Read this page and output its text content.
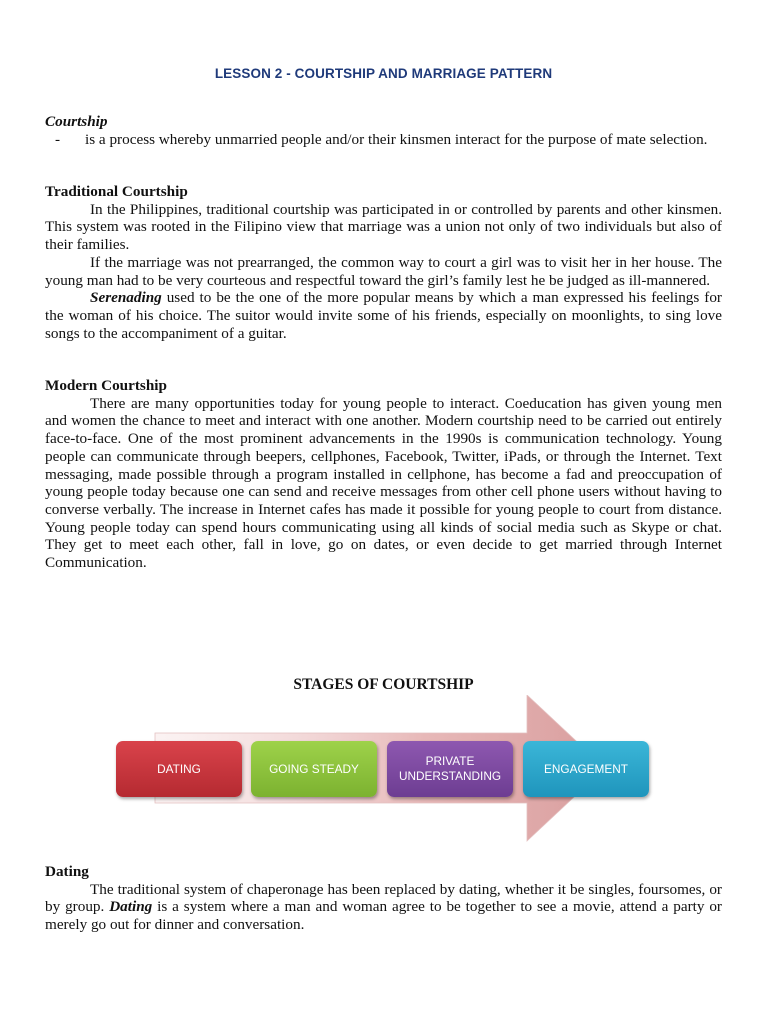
LESSON 2 - COURTSHIP AND MARRIAGE PATTERN

Courtship

-	is a process whereby unmarried people and/or their kinsmen interact for the purpose of mate selection.

Traditional Courtship

In the Philippines, traditional courtship was participated in or controlled by parents and other kinsmen. This system was rooted in the Filipino view that marriage was a union not only of two individuals but also of their families.

If the marriage was not prearranged, the common way to court a girl was to visit her in her house. The young man had to be very courteous and respectful toward the girl’s family lest he be judged as ill-mannered.

Serenading used to be the one of the more popular means by which a man expressed his feelings for the woman of his choice. The suitor would invite some of his friends, especially on moonlights, to sing love songs to the accompaniment of a guitar.

Modern Courtship

There are many opportunities today for young people to interact. Coeducation has given young men and women the chance to meet and interact with one another. Modern courtship need to be carried out entirely face-to-face. One of the most prominent advancements in the 1990s is communication technology. Young people can communicate through beepers, cellphones, Facebook, Twitter, iPads, or through the Internet. Text messaging, made possible through a program installed in cellphone, has become a fad and preoccupation of young people today because one can send and receive messages from other cell phone users without having to converse verbally. The increase in Internet cafes has made it possible for young people to court from distance. Young people today can spend hours communicating using all kinds of social media such as Skype or chat. They get to meet each other, fall in love, go on dates, or even decide to get married through Internet Communication.

STAGES OF COURTSHIP
DATING	GOING STEADY
PRIVATE UNDERSTANDING
ENGAGEMENT

Dating

The traditional system of chaperonage has been replaced by dating, whether it be singles, foursomes, or by group. Dating is a system where a man and woman agree to be together to see a movie, attend a party or merely go out for dinner and conversation.
